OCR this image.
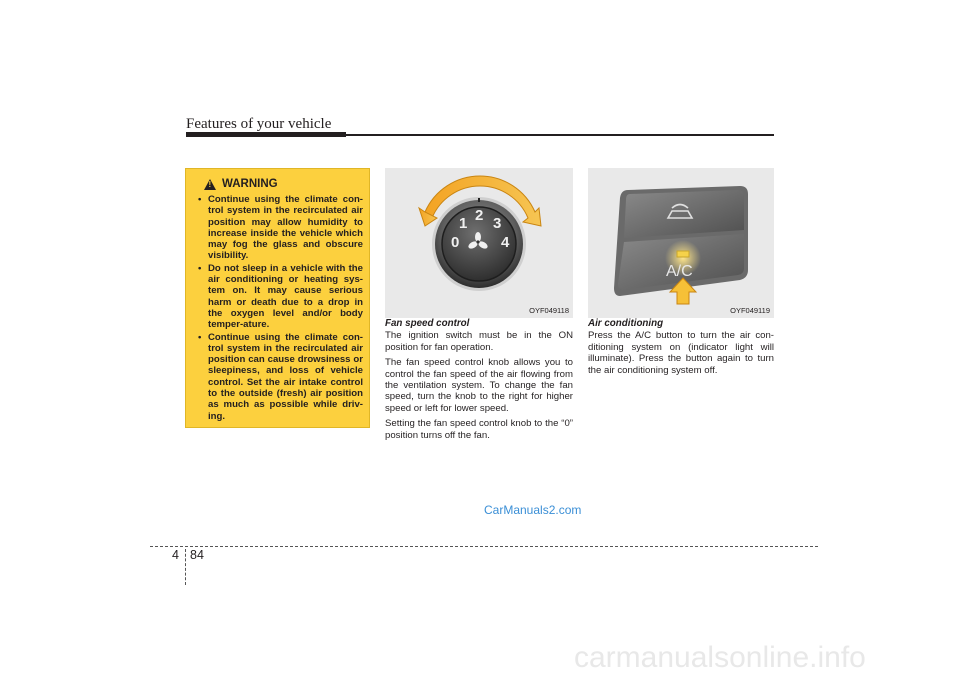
Features of your vehicle
!
WARNING
• Continue using the climate con-trol system in the recirculated air position may allow humidity to increase inside the vehicle which may fog the glass and obscure visibility.
• Do not sleep in a vehicle with the air conditioning or heating sys-tem on. It may cause serious harm or death due to a drop in the oxygen level and/or body temper-ature.
• Continue using the climate con-trol system in the recirculated air position can cause drowsiness or sleepiness, and loss of vehicle control. Set the air intake control to the outside (fresh) air position as much as possible while driv-ing.
0
1 2 3
4
OYF049118
A/C
OYF049119
Fan speed control

The ignition switch must be in the ON position for fan operation.

The fan speed control knob allows you to control the fan speed of the air flowing from the ventilation system. To change the fan speed, turn the knob to the right for higher speed or left for lower speed.

Setting the fan speed control knob to the “0” position turns off the fan.

Air conditioning

Press the A/C button to turn the air con-ditioning system on (indicator light will illuminate). Press the button again to turn the air conditioning system off.

CarManuals2.com
4 84
carmanualsonline.info
